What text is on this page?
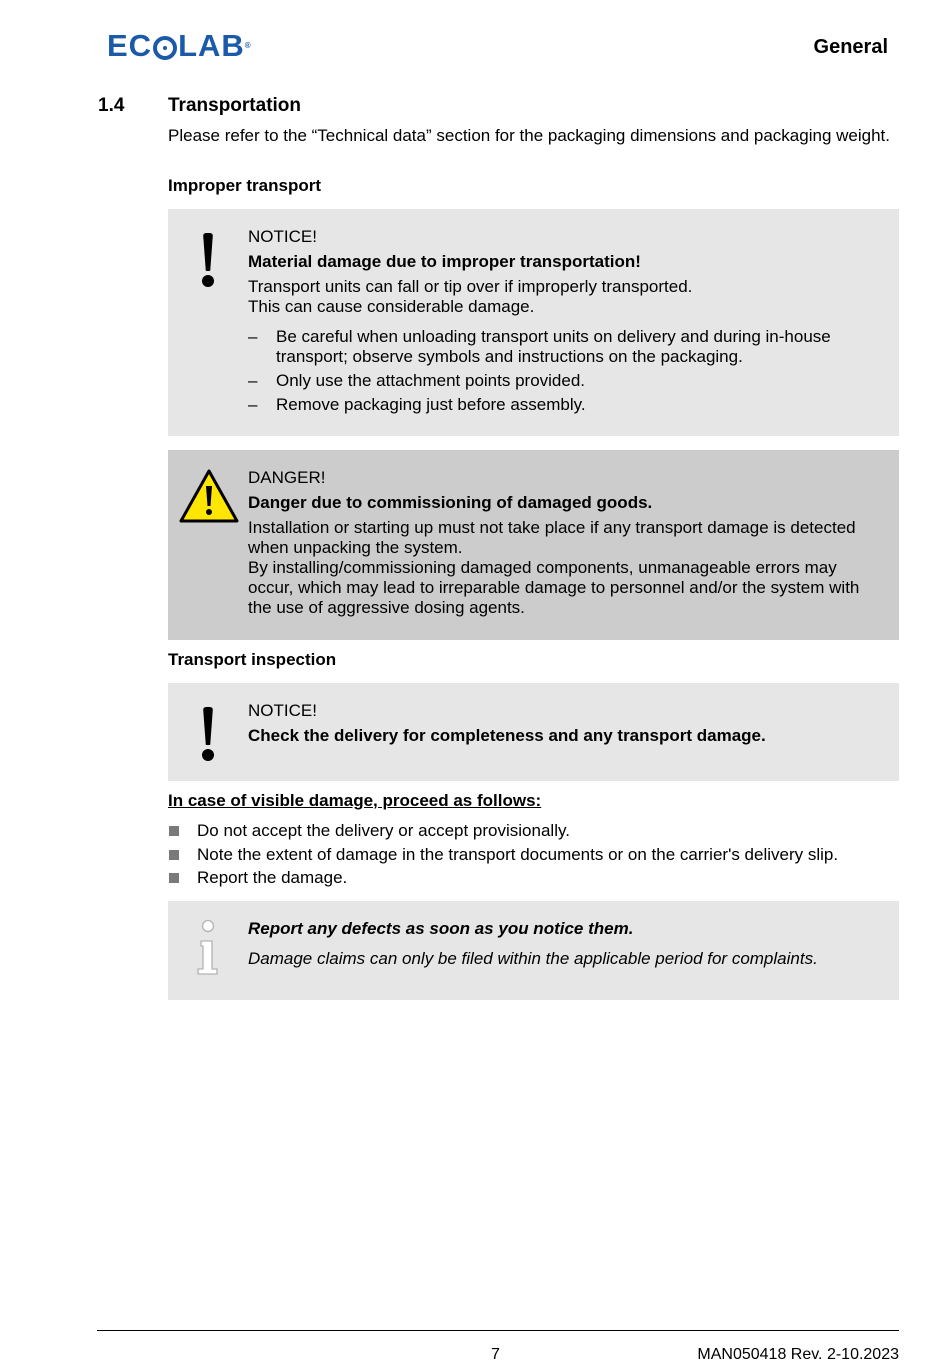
EC LAB®	General
1.4 Transportation
Please refer to the “Technical data” section for the packaging dimensions and packaging weight.
Improper transport
NOTICE!
Material damage due to improper transportation!
Transport units can fall or tip over if improperly transported.
This can cause considerable damage.
– Be careful when unloading transport units on delivery and during in-house transport; observe symbols and instructions on the packaging.
– Only use the attachment points provided.
– Remove packaging just before assembly.
DANGER!
Danger due to commissioning of damaged goods.
Installation or starting up must not take place if any transport damage is detected when unpacking the system.
By installing/commissioning damaged components, unmanageable errors may occur, which may lead to irreparable damage to personnel and/or the system with the use of aggressive dosing agents.
Transport inspection
NOTICE!
Check the delivery for completeness and any transport damage.
In case of visible damage, proceed as follows:
Do not accept the delivery or accept provisionally.
Note the extent of damage in the transport documents or on the carrier's delivery slip.
Report the damage.
Report any defects as soon as you notice them.
Damage claims can only be filed within the applicable period for complaints.
7	MAN050418 Rev. 2-10.2023
